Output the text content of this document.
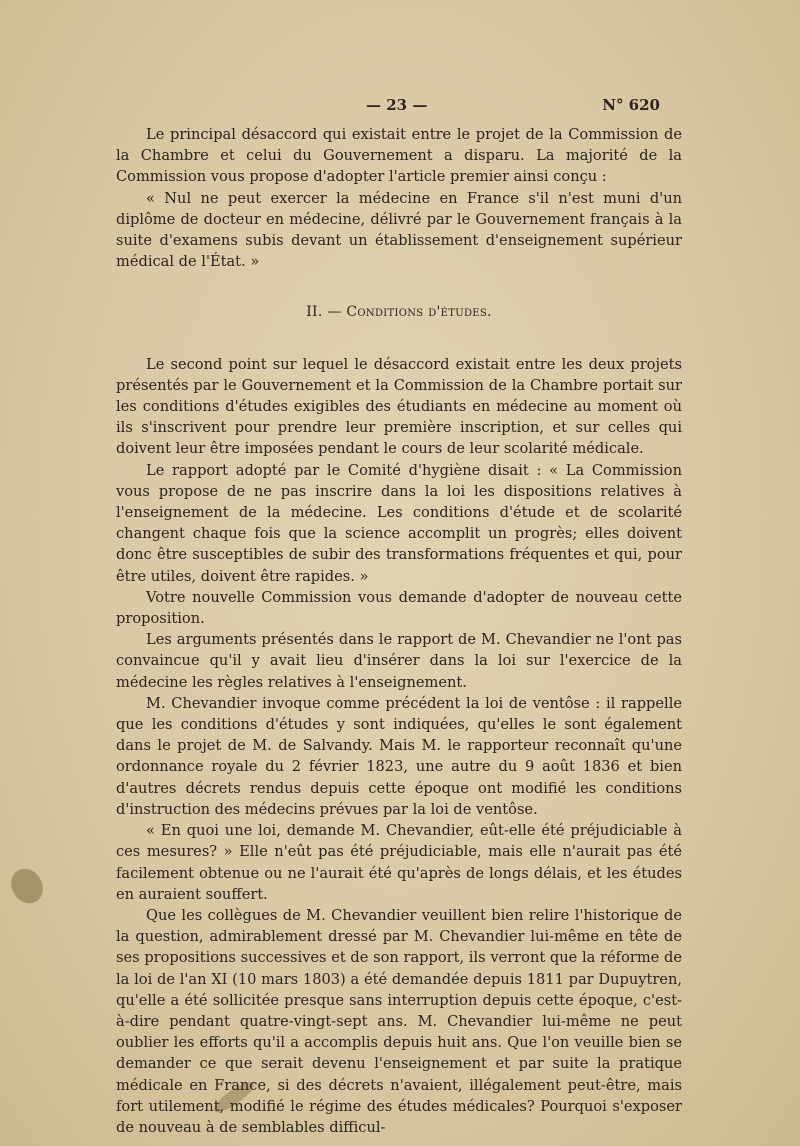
— 23 —	N° 620

Le principal désaccord qui existait entre le projet de la Commission de la Chambre et celui du Gouvernement a disparu. La majorité de la Commission vous propose d'adopter l'article premier ainsi conçu :

« Nul ne peut exercer la médecine en France s'il n'est muni d'un diplôme de docteur en médecine, délivré par le Gouvernement français à la suite d'examens subis devant un établissement d'enseignement supérieur médical de l'État. »

II. — Conditions d'études.

Le second point sur lequel le désaccord existait entre les deux projets présentés par le Gouvernement et la Commission de la Chambre portait sur les conditions d'études exigibles des étudiants en médecine au moment où ils s'inscrivent pour prendre leur première inscription, et sur celles qui doivent leur être imposées pendant le cours de leur scolarité médicale.

Le rapport adopté par le Comité d'hygiène disait : « La Commission vous propose de ne pas inscrire dans la loi les dispositions relatives à l'enseignement de la médecine. Les conditions d'étude et de scolarité changent chaque fois que la science accomplit un progrès; elles doivent donc être susceptibles de subir des transformations fréquentes et qui, pour être utiles, doivent être rapides. »

Votre nouvelle Commission vous demande d'adopter de nouveau cette proposition.

Les arguments présentés dans le rapport de M. Chevandier ne l'ont pas convaincue qu'il y avait lieu d'insérer dans la loi sur l'exercice de la médecine les règles relatives à l'enseignement.

M. Chevandier invoque comme précédent la loi de ventôse : il rappelle que les conditions d'études y sont indiquées, qu'elles le sont également dans le projet de M. de Salvandy. Mais M. le rapporteur reconnaît qu'une ordonnance royale du 2 février 1823, une autre du 9 août 1836 et bien d'autres décrets rendus depuis cette époque ont modifié les conditions d'instruction des médecins prévues par la loi de ventôse.

« En quoi une loi, demande M. Chevandier, eût-elle été préjudiciable à ces mesures? » Elle n'eût pas été préjudiciable, mais elle n'aurait pas été facilement obtenue ou ne l'aurait été qu'après de longs délais, et les études en auraient souffert.

Que les collègues de M. Chevandier veuillent bien relire l'historique de la question, admirablement dressé par M. Chevandier lui-même en tête de ses propositions successives et de son rapport, ils verront que la réforme de la loi de l'an XI (10 mars 1803) a été demandée depuis 1811 par Dupuytren, qu'elle a été sollicitée presque sans interruption depuis cette époque, c'est-à-dire pendant quatre-vingt-sept ans. M. Chevandier lui-même ne peut oublier les efforts qu'il a accomplis depuis huit ans. Que l'on veuille bien se demander ce que serait devenu l'enseignement et par suite la pratique médicale en France, si des décrets n'avaient, illégalement peut-être, mais fort utilement, modifié le régime des études médicales? Pourquoi s'exposer de nouveau à de semblables difficul-
